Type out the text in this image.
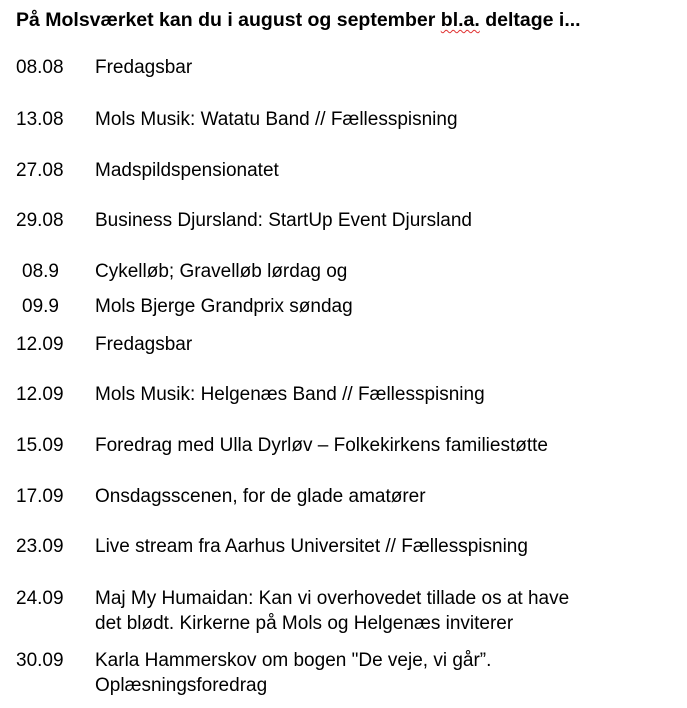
På Molsværket kan du i august og september bl.a. deltage i...
08.08 Fredagsbar
13.08 Mols Musik: Watatu Band // Fællesspisning
27.08 Madspildspensionatet
29.08 Business Djursland: StartUp Event Djursland
08.9 Cykelløb; Gravelløb lørdag og
09.9 Mols Bjerge Grandprix søndag
12.09 Fredagsbar
12.09 Mols Musik: Helgenæs Band // Fællesspisning
15.09 Foredrag med Ulla Dyrløv – Folkekirkens familiestøtte
17.09 Onsdagsscenen, for de glade amatører
23.09 Live stream fra Aarhus Universitet // Fællesspisning
24.09 Maj My Humaidan: Kan vi overhovedet tillade os at have
det blødt. Kirkerne på Mols og Helgenæs inviterer
30.09 Karla Hammerskov om bogen "De veje, vi går”.
Oplæsningsforedrag
